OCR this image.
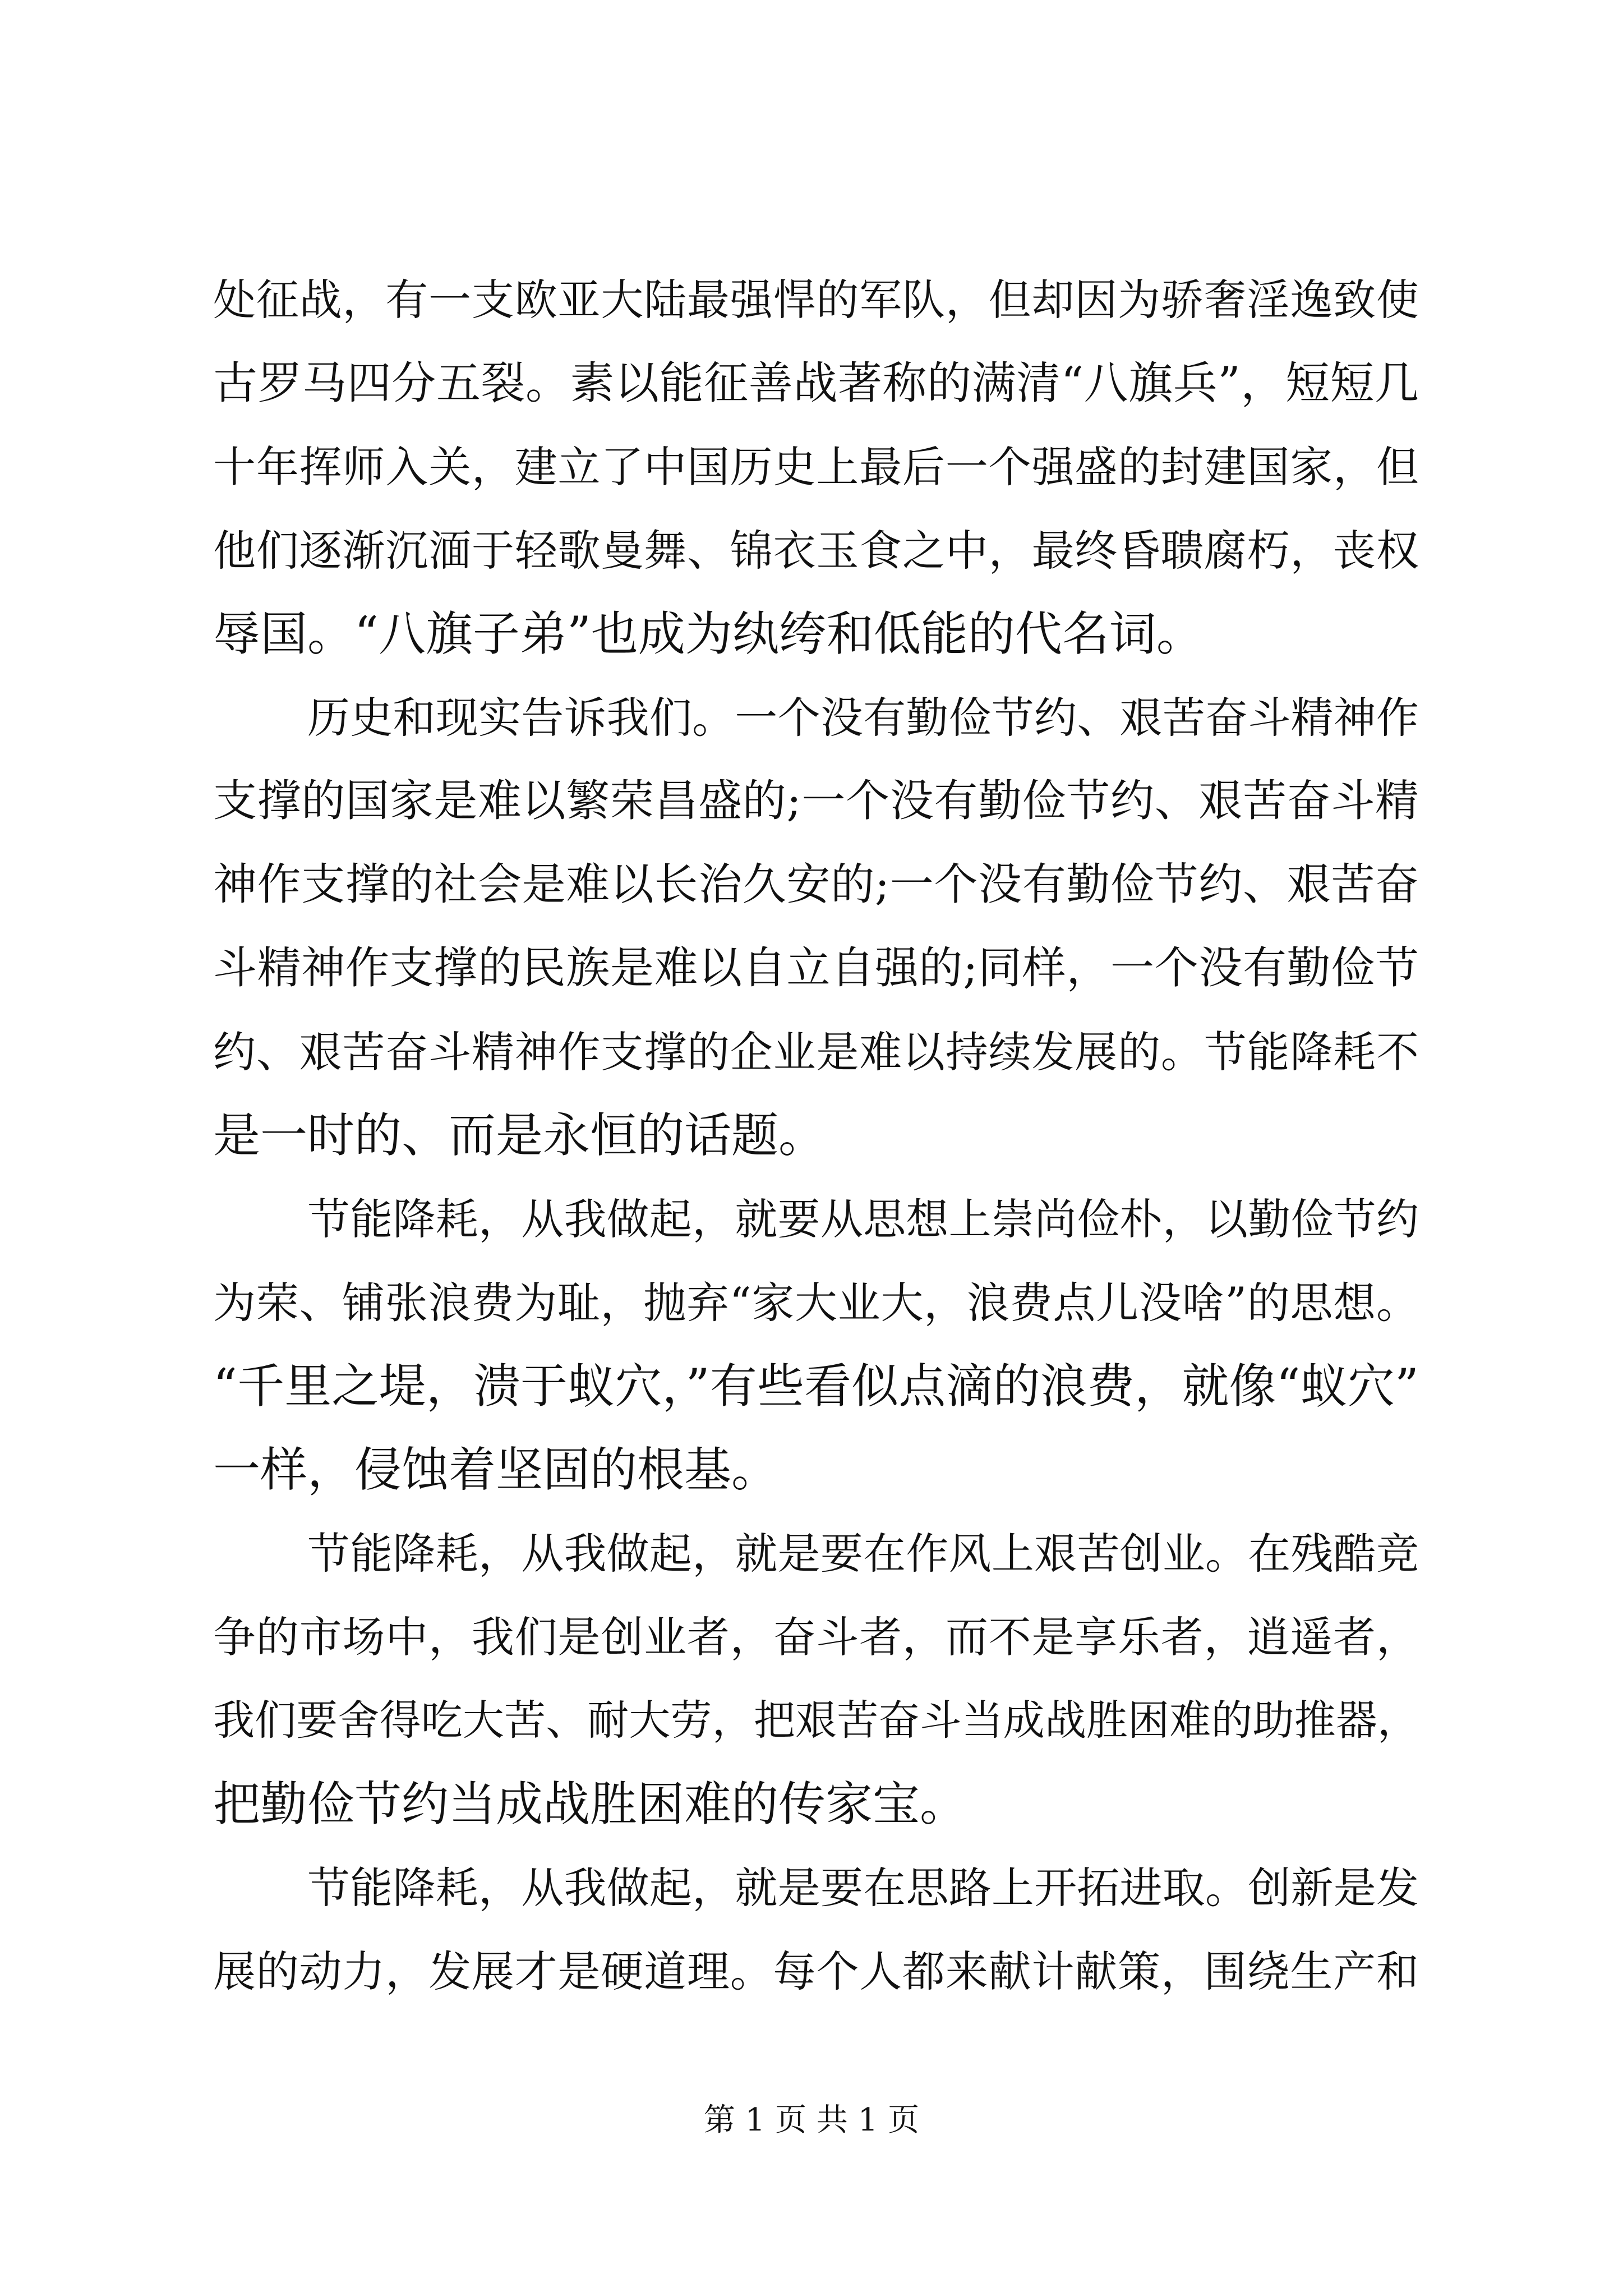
处征战，有一支欧亚大陆最强悍的军队，但却因为骄奢淫逸致使
古罗马四分五裂。素以能征善战著称的满清“八旗兵”，短短几
十年挥师入关，建立了中国历史上最后一个强盛的封建国家，但
他们逐渐沉湎于轻歌曼舞、锦衣玉食之中，最终昏聩腐朽，丧权
辱国。“八旗子弟”也成为纨绔和低能的代名词。
历史和现实告诉我们。一个没有勤俭节约、艰苦奋斗精神作
支撑的国家是难以繁荣昌盛的;一个没有勤俭节约、艰苦奋斗精
神作支撑的社会是难以长治久安的;一个没有勤俭节约、艰苦奋
斗精神作支撑的民族是难以自立自强的;同样，一个没有勤俭节
约、艰苦奋斗精神作支撑的企业是难以持续发展的。节能降耗不
是一时的、而是永恒的话题。
节能降耗，从我做起，就要从思想上崇尚俭朴，以勤俭节约
为荣、铺张浪费为耻，抛弃“家大业大，浪费点儿没啥”的思想。
“千里之堤，溃于蚁穴，”有些看似点滴的浪费，就像“蚁穴”
一样，侵蚀着坚固的根基。
节能降耗，从我做起，就是要在作风上艰苦创业。在残酷竞
争的市场中，我们是创业者，奋斗者，而不是享乐者，逍遥者，
我们要舍得吃大苦、耐大劳，把艰苦奋斗当成战胜困难的助推器，
把勤俭节约当成战胜困难的传家宝。
节能降耗，从我做起，就是要在思路上开拓进取。创新是发
展的动力，发展才是硬道理。每个人都来献计献策，围绕生产和
第 1 页 共 1 页
